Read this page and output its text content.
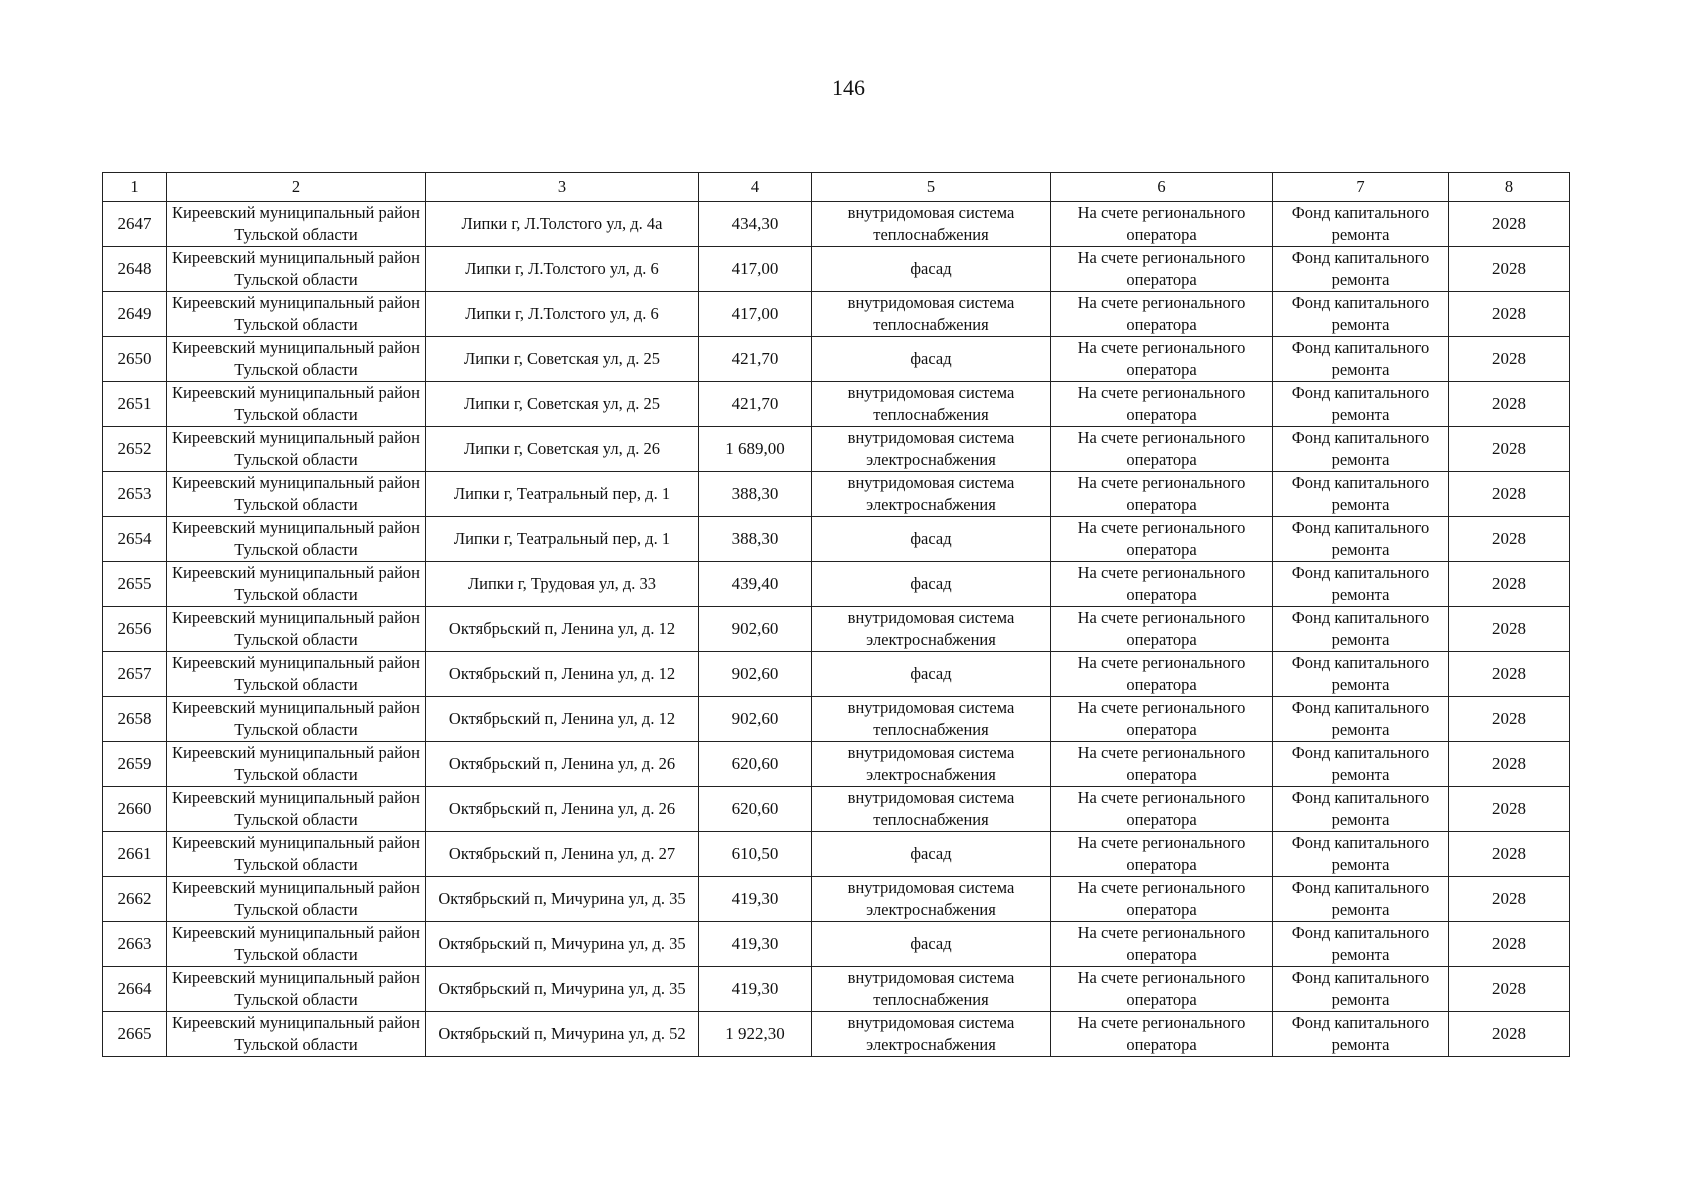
146
1	2	3	4	5	6	7	8
2647	Киреевский муниципальный район Тульской области	Липки г, Л.Толстого ул, д. 4а	434,30	внутридомовая система теплоснабжения	На счете регионального оператора	Фонд капитального ремонта	2028
2648	Киреевский муниципальный район Тульской области	Липки г, Л.Толстого ул, д. 6	417,00	фасад	На счете регионального оператора	Фонд капитального ремонта	2028
2649	Киреевский муниципальный район Тульской области	Липки г, Л.Толстого ул, д. 6	417,00	внутридомовая система теплоснабжения	На счете регионального оператора	Фонд капитального ремонта	2028
2650	Киреевский муниципальный район Тульской области	Липки г, Советская ул, д. 25	421,70	фасад	На счете регионального оператора	Фонд капитального ремонта	2028
2651	Киреевский муниципальный район Тульской области	Липки г, Советская ул, д. 25	421,70	внутридомовая система теплоснабжения	На счете регионального оператора	Фонд капитального ремонта	2028
2652	Киреевский муниципальный район Тульской области	Липки г, Советская ул, д. 26	1 689,00	внутридомовая система электроснабжения	На счете регионального оператора	Фонд капитального ремонта	2028
2653	Киреевский муниципальный район Тульской области	Липки г, Театральный пер, д. 1	388,30	внутридомовая система электроснабжения	На счете регионального оператора	Фонд капитального ремонта	2028
2654	Киреевский муниципальный район Тульской области	Липки г, Театральный пер, д. 1	388,30	фасад	На счете регионального оператора	Фонд капитального ремонта	2028
2655	Киреевский муниципальный район Тульской области	Липки г, Трудовая ул, д. 33	439,40	фасад	На счете регионального оператора	Фонд капитального ремонта	2028
2656	Киреевский муниципальный район Тульской области	Октябрьский п, Ленина ул, д. 12	902,60	внутридомовая система электроснабжения	На счете регионального оператора	Фонд капитального ремонта	2028
2657	Киреевский муниципальный район Тульской области	Октябрьский п, Ленина ул, д. 12	902,60	фасад	На счете регионального оператора	Фонд капитального ремонта	2028
2658	Киреевский муниципальный район Тульской области	Октябрьский п, Ленина ул, д. 12	902,60	внутридомовая система теплоснабжения	На счете регионального оператора	Фонд капитального ремонта	2028
2659	Киреевский муниципальный район Тульской области	Октябрьский п, Ленина ул, д. 26	620,60	внутридомовая система электроснабжения	На счете регионального оператора	Фонд капитального ремонта	2028
2660	Киреевский муниципальный район Тульской области	Октябрьский п, Ленина ул, д. 26	620,60	внутридомовая система теплоснабжения	На счете регионального оператора	Фонд капитального ремонта	2028
2661	Киреевский муниципальный район Тульской области	Октябрьский п, Ленина ул, д. 27	610,50	фасад	На счете регионального оператора	Фонд капитального ремонта	2028
2662	Киреевский муниципальный район Тульской области	Октябрьский п, Мичурина ул, д. 35	419,30	внутридомовая система электроснабжения	На счете регионального оператора	Фонд капитального ремонта	2028
2663	Киреевский муниципальный район Тульской области	Октябрьский п, Мичурина ул, д. 35	419,30	фасад	На счете регионального оператора	Фонд капитального ремонта	2028
2664	Киреевский муниципальный район Тульской области	Октябрьский п, Мичурина ул, д. 35	419,30	внутридомовая система теплоснабжения	На счете регионального оператора	Фонд капитального ремонта	2028
2665	Киреевский муниципальный район Тульской области	Октябрьский п, Мичурина ул, д. 52	1 922,30	внутридомовая система электроснабжения	На счете регионального оператора	Фонд капитального ремонта	2028
